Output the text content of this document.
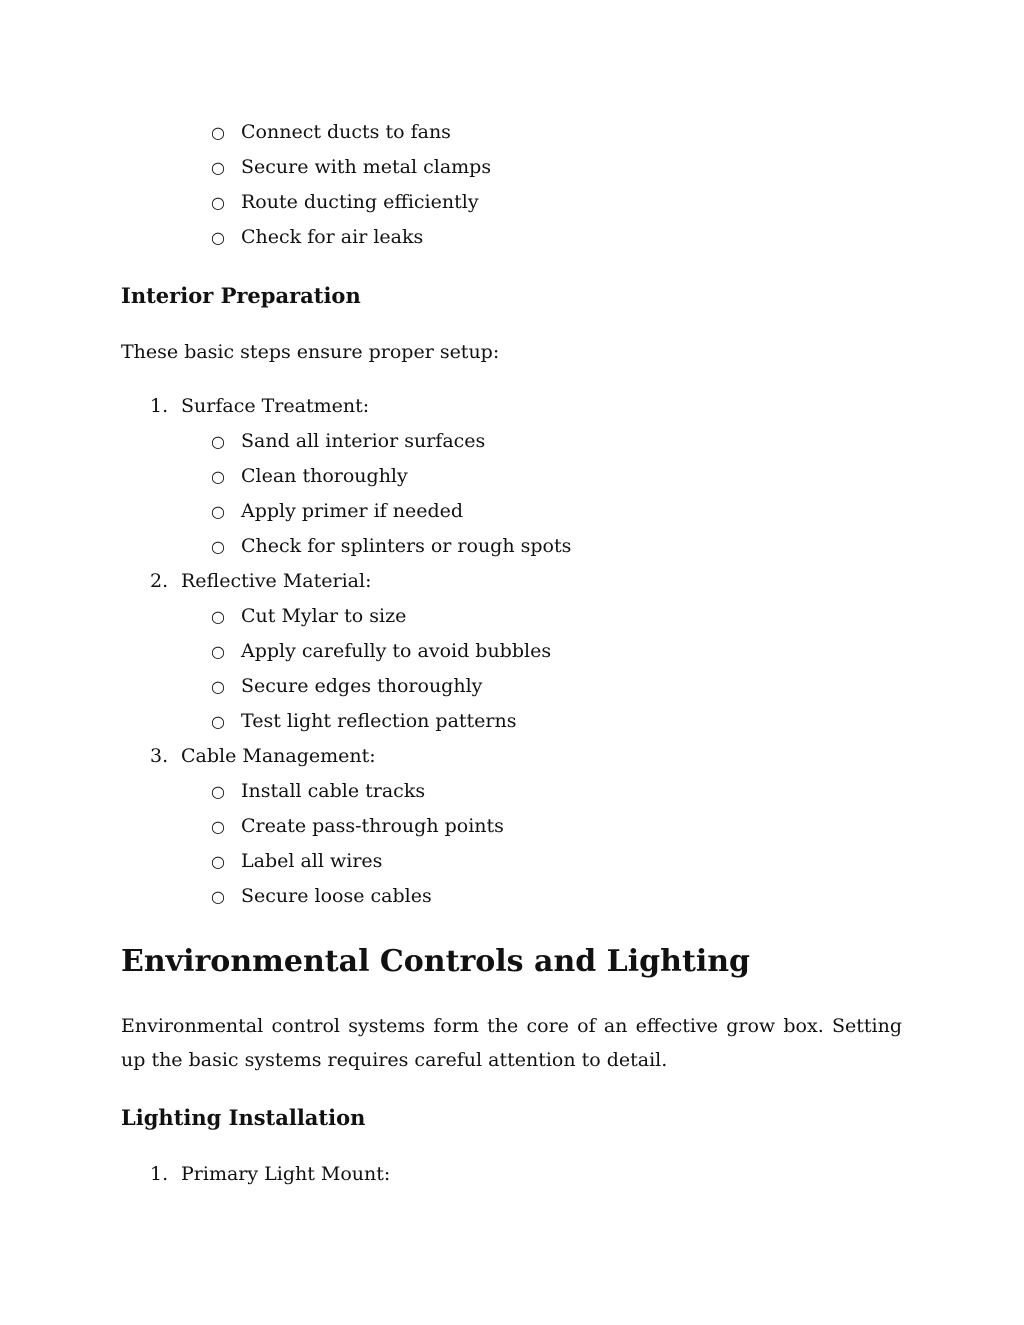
○ Connect ducts to fans
○ Secure with metal clamps
○ Route ducting efficiently
○ Check for air leaks
Interior Preparation

These basic steps ensure proper setup:

1. Surface Treatment:
○ Sand all interior surfaces
○ Clean thoroughly
○ Apply primer if needed
○ Check for splinters or rough spots
2. Reflective Material:
○ Cut Mylar to size
○ Apply carefully to avoid bubbles
○ Secure edges thoroughly
○ Test light reflection patterns
3. Cable Management:
○ Install cable tracks
○ Create pass-through points
○ Label all wires
○ Secure loose cables
Environmental Controls and Lighting

Environmental control systems form the core of an effective grow box. Setting up the basic systems requires careful attention to detail.

Lighting Installation
1. Primary Light Mount:
